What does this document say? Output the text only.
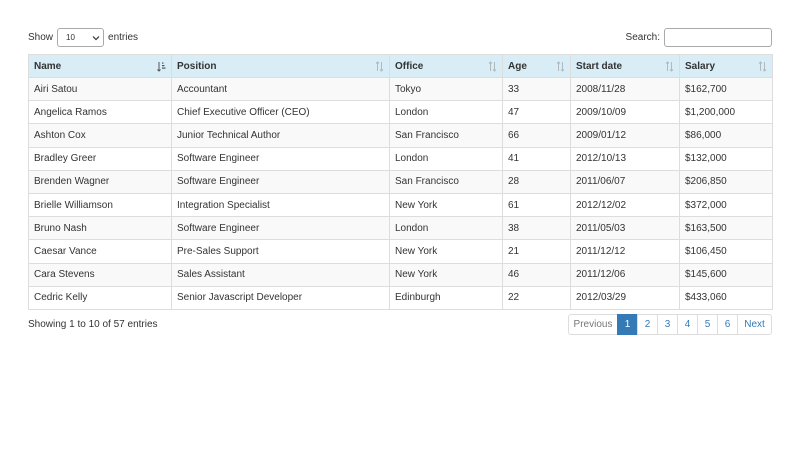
Show 10	entries	Search:
Name	Position	Office	Age	Start date	Salary

Airi Satou	Accountant	Tokyo	33	2008/11/28	$162,700
Angelica Ramos	Chief Executive Officer (CEO)	London	47	2009/10/09	$1,200,000
Ashton Cox	Junior Technical Author	San Francisco	66	2009/01/12	$86,000
Bradley Greer	Software Engineer	London	41	2012/10/13	$132,000
Brenden Wagner	Software Engineer	San Francisco	28	2011/06/07	$206,850
Brielle Williamson	Integration Specialist	New York	61	2012/12/02	$372,000
Bruno Nash	Software Engineer	London	38	2011/05/03	$163,500
Caesar Vance	Pre-Sales Support	New York	21	2011/12/12	$106,450
Cara Stevens	Sales Assistant	New York	46	2011/12/06	$145,600
Cedric Kelly	Senior Javascript Developer	Edinburgh	22	2012/03/29	$433,060
Showing 1 to 10 of 57 entries	Previous	1	2	3	4	5	6	Next
